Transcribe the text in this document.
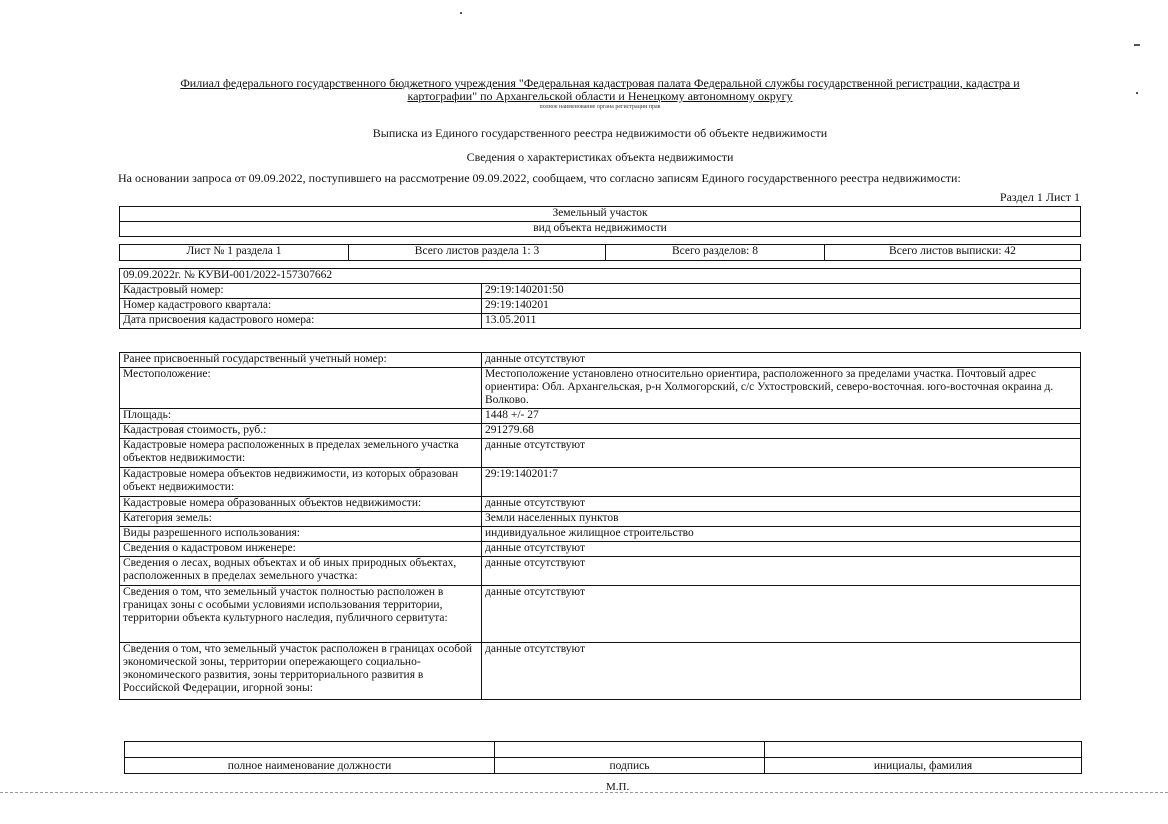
Филиал федерального государственного бюджетного учреждения "Федеральная кадастровая палата Федеральной службы государственной регистрации, кадастра и
картографии" по Архангельской области и Ненецкому автономному округу
полное наименование органа регистрации прав
Выписка из Единого государственного реестра недвижимости об объекте недвижимости
Сведения о характеристиках объекта недвижимости
На основании запроса от 09.09.2022, поступившего на рассмотрение 09.09.2022, сообщаем, что согласно записям Единого государственного реестра недвижимости:
Раздел 1 Лист 1
Земельный участок
вид объекта недвижимости
Лист № 1 раздела 1	Всего листов раздела 1: 3	Всего разделов: 8	Всего листов выписки: 42
09.09.2022г. № КУВИ-001/2022-157307662	
Кадастровый номер:	29:19:140201:50
Номер кадастрового квартала:	29:19:140201
Дата присвоения кадастрового номера:	13.05.2011
Ранее присвоенный государственный учетный номер:	данные отсутствуют
Местоположение:	Местоположение установлено относительно ориентира, расположенного за пределами участка. Почтовый адрес ориентира: Обл. Архангельская, р-н Холмогорский, с/с Ухтостровский, северо-восточная. юго-восточная окраина д. Волково.
Площадь:	1448 +/- 27
Кадастровая стоимость, руб.:	291279.68
Кадастровые номера расположенных в пределах земельного участка объектов недвижимости:	данные отсутствуют
Кадастровые номера объектов недвижимости, из которых образован объект недвижимости:	29:19:140201:7
Кадастровые номера образованных объектов недвижимости:	данные отсутствуют
Категория земель:	Земли населенных пунктов
Виды разрешенного использования:	индивидуальное жилищное строительство
Сведения о кадастровом инженере:	данные отсутствуют
Сведения о лесах, водных объектах и об иных природных объектах, расположенных в пределах земельного участка:	данные отсутствуют
Сведения о том, что земельный участок полностью расположен в границах зоны с особыми условиями использования территории, территории объекта культурного наследия, публичного сервитута:	данные отсутствуют
Сведения о том, что земельный участок расположен в границах особой экономической зоны, территории опережающего социально-экономического развития, зоны территориального развития в Российской Федерации, игорной зоны:	данные отсутствуют

полное наименование должности	подпись	инициалы, фамилия
М.П.
